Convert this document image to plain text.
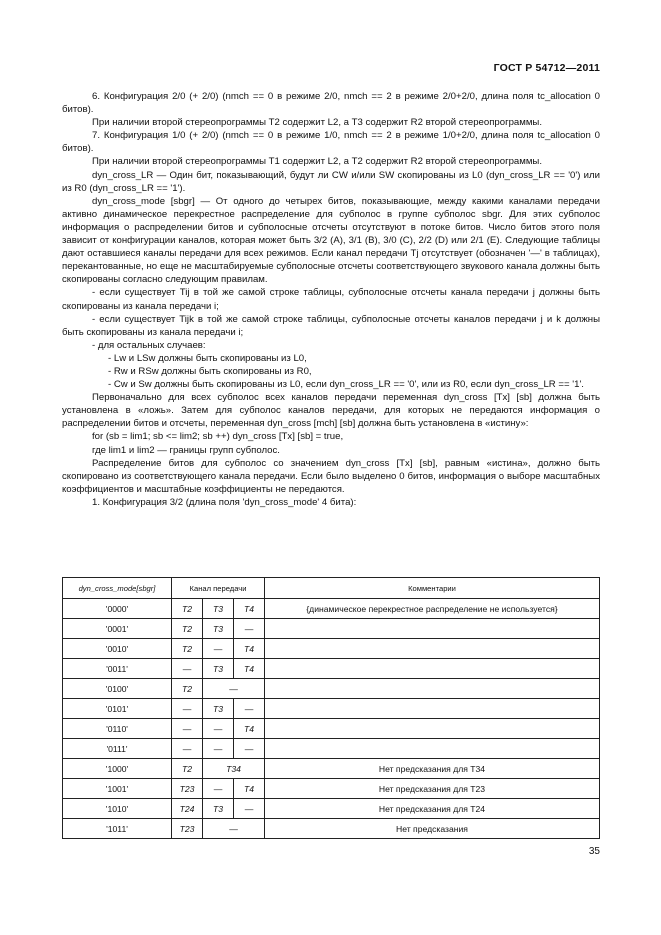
ГОСТ Р 54712—2011

6. Конфигурация 2/0 (+ 2/0) (nmch == 0 в режиме 2/0, nmch == 2 в режиме 2/0+2/0, длина поля tc_allocation 0 битов).

При наличии второй стереопрограммы T2 содержит L2, а T3 содержит R2 второй стереопрограммы.

7. Конфигурация 1/0 (+ 2/0) (nmch == 0 в режиме 1/0, nmch == 2 в режиме 1/0+2/0, длина поля tc_allocation 0 битов).

При наличии второй стереопрограммы T1 содержит L2, а T2 содержит R2 второй стереопрограммы.

dyn_cross_LR — Один бит, показывающий, будут ли CW и/или SW скопированы из L0 (dyn_cross_LR == '0') или из R0 (dyn_cross_LR == '1').

dyn_cross_mode [sbgr] — От одного до четырех битов, показывающие, между какими каналами передачи активно динамическое перекрестное распределение для субполос в группе субполос sbgr. Для этих субполос информация о распределении битов и субполосные отсчеты отсутствуют в потоке битов. Число битов этого поля зависит от конфигурации каналов, которая может быть 3/2 (A), 3/1 (B), 3/0 (C), 2/2 (D) или 2/1 (E). Следующие таблицы дают оставшиеся каналы передачи для всех режимов. Если канал передачи Tj отсутствует (обозначен '—' в таблицах), перекантованные, но еще не масштабируемые субполосные отсчеты соответствующего звукового канала должны быть скопированы согласно следующим правилам.

- если существует Tij в той же самой строке таблицы, субполосные отсчеты канала передачи j должны быть скопированы из канала передачи i;

- если существует Tijk в той же самой строке таблицы, субполосные отсчеты каналов передачи j и k должны быть скопированы из канала передачи i;

- для остальных случаев:

- Lw и LSw должны быть скопированы из L0,

- Rw и RSw должны быть скопированы из R0,

- Cw и Sw должны быть скопированы из L0, если dyn_cross_LR == '0', или из R0, если dyn_cross_LR == '1'.

Первоначально для всех субполос всех каналов передачи переменная dyn_cross [Tx] [sb] должна быть установлена в «ложь». Затем для субполос каналов передачи, для которых не передаются информация о распределении битов и отсчеты, переменная dyn_cross [mch] [sb] должна быть установлена в «истину»:

for (sb = lim1; sb <= lim2; sb ++) dyn_cross [Tx] [sb] = true,

где lim1 и lim2 — границы групп субполос.

Распределение битов для субполос со значением dyn_cross [Tx] [sb], равным «истина», должно быть скопировано из соответствующего канала передачи. Если было выделено 0 битов, информация о выборе масштабных коэффициентов и масштабные коэффициенты не передаются.

1. Конфигурация 3/2 (длина поля 'dyn_cross_mode' 4 бита):

dyn_cross_mode[sbgr]	Канал передачи			Комментарии
'0000'	T2	T3	T4	{динамическое перекрестное распределение не используется}
'0001'	T2	T3	—	
'0010'	T2	—	T4	
'0011'	—	T3	T4	
'0100'	T2	—		
'0101'	—	T3	—	
'0110'	—	—	T4	
'0111'	—	—	—	
'1000'	T2	T34		Нет предсказания для T34
'1001'	T23	—	T4	Нет предсказания для T23
'1010'	T24	T3	—	Нет предсказания для T24
'1011'	T23	—		Нет предсказания
35
